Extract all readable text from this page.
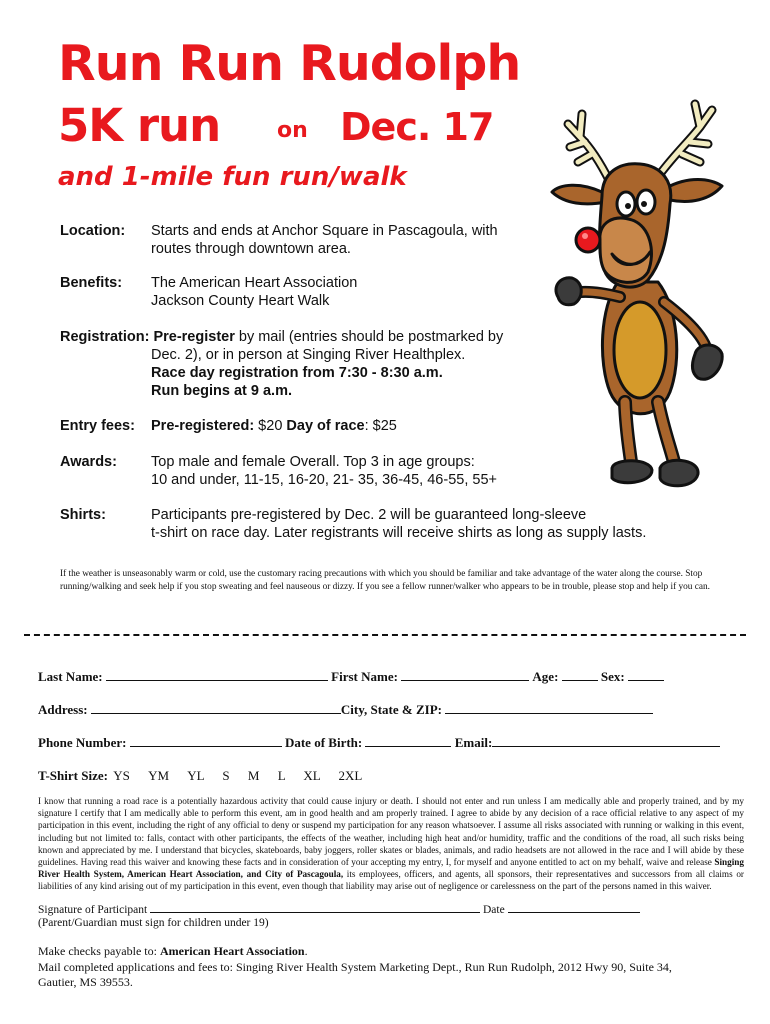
Run Run Rudolph
5K run	on Dec. 17
and 1-mile fun run/walk
Location: Starts and ends at Anchor Square in Pascagoula, with
routes through downtown area.
Benefits: The American Heart Association
Jackson County Heart Walk
Registration: Pre-register by mail (entries should be postmarked by
Dec. 2), or in person at Singing River Healthplex.
Race day registration from 7:30 - 8:30 a.m.
Run begins at 9 a.m.
Entry fees: Pre-registered: $20 Day of race: $25
Awards: Top male and female Overall. Top 3 in age groups:
10 and under, 11-15, 16-20, 21- 35, 36-45, 46-55, 55+
Shirts:	Participants pre-registered by Dec. 2 will be guaranteed long-sleeve
t-shirt on race day. Later registrants will receive shirts as long as supply lasts.
If the weather is unseasonably warm or cold, use the customary racing precautions with which you should be familiar and take advantage of the water along the course. Stop running/walking and seek help if you stop sweating and feel nauseous or dizzy. If you see a fellow runner/walker who appears to be in trouble, please stop and help if you can.
Last Name:	First Name:	Age:	Sex:
Address:	City, State & ZIP:
Phone Number:	Date of Birth:	Email:
T-Shirt Size: YS YM YL S M L XL 2XL
I know that running a road race is a potentially hazardous activity that could cause injury or death. I should not enter and run unless I am medically able and properly trained, and by my signature I certify that I am medically able to perform this event, am in good health and am properly trained. I agree to abide by any decision of a race official relative to any aspect of my participation in this event, including the right of any official to deny or suspend my participation for any reason whatsoever. I assume all risks associated with running or walking in this event, including but not limited to: falls, contact with other participants, the effects of the weather, including high heat and/or humidity, traffic and the conditions of the road, all such risks being known and appreciated by me. I understand that bicycles, skateboards, baby joggers, roller skates or blades, animals, and radio headsets are not allowed in the race and I will abide by these guidelines. Having read this waiver and knowing these facts and in consideration of your accepting my entry, I, for myself and anyone entitled to act on my behalf, waive and release Singing River Health System, American Heart Association, and City of Pascagoula, its employees, officers, and agents, all sponsors, their representatives and successors from all claims or liabilities of any kind arising out of my participation in this event, even though that liability may arise out of negligence or carelessness on the part of the persons named in this waiver.
Signature of Participant	Date
(Parent/Guardian must sign for children under 19)
Make checks payable to: American Heart Association.
Mail completed applications and fees to: Singing River Health System Marketing Dept., Run Run Rudolph, 2012 Hwy 90, Suite 34,
Gautier, MS 39553.
